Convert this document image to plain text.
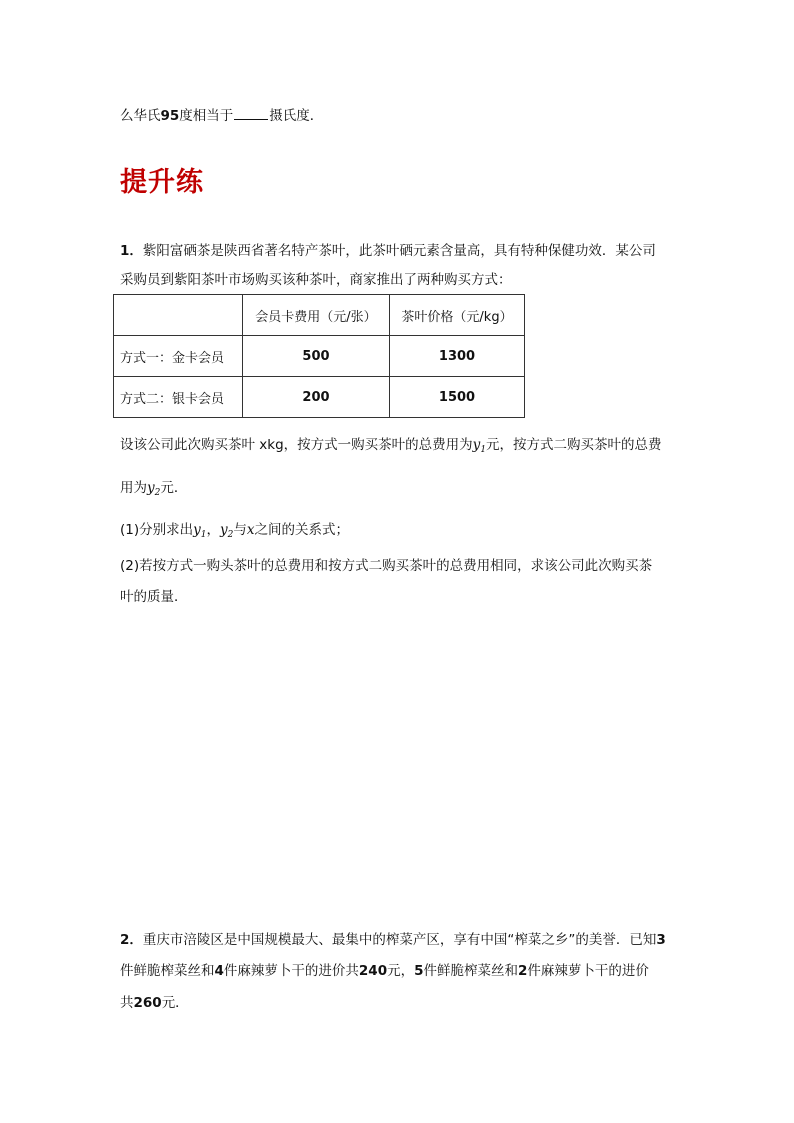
么华氏95度相当于	摄氏度．
提升练
1．紫阳富硒茶是陕西省著名特产茶叶，此茶叶硒元素含量高，具有特种保健功效．某公司
采购员到紫阳茶叶市场购买该种茶叶，商家推出了两种购买方式：
	会员卡费用（元/张）	茶叶价格（元/kg）
方式一：金卡会员	500	1300
方式二：银卡会员	200	1500
设该公司此次购买茶叶 xkg，按方式一购买茶叶的总费用为$y_1$元，按方式二购买茶叶的总费
用为$y_2$元．
(1)分别求出$y_1$，$y_2$与x之间的关系式；
(2)若按方式一购头茶叶的总费用和按方式二购买茶叶的总费用相同，求该公司此次购买茶
叶的质量．
2．重庆市涪陵区是中国规模最大、最集中的榨菜产区，享有中国“榨菜之乡”的美誉．已知3
件鲜脆榨菜丝和4件麻辣萝卜干的进价共240元，5件鲜脆榨菜丝和2件麻辣萝卜干的进价
共260元．
